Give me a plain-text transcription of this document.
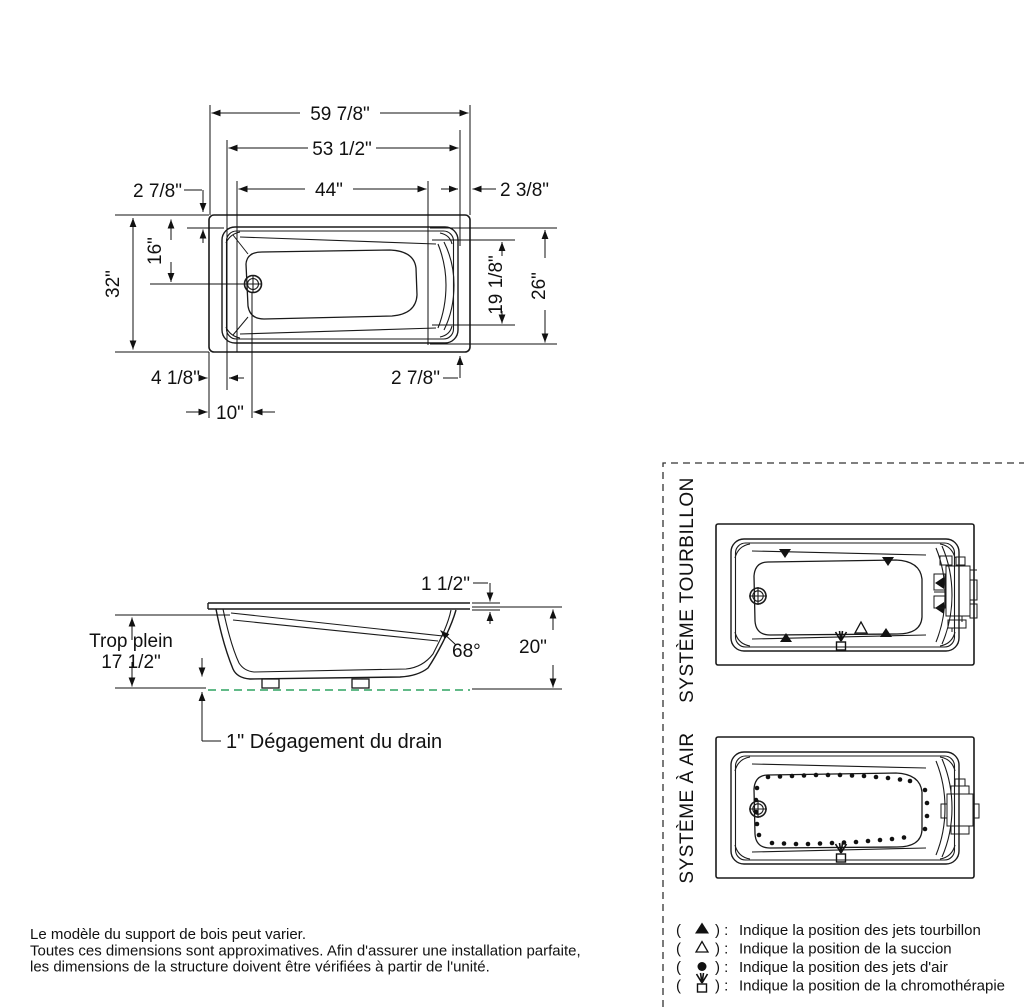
59 7/8"
53 1/2"
44"
2 7/8"	2 3/8"
16"
32"	19 1/8" 26"
4 1/8"
10"
2 7/8"
1 1/2"
Trop plein
17 1/2"
68° 20"
1" Dégagement du drain
SYSTÈME TOURBILLON
SYSTÈME À AIR
( ) : Indique la position des jets tourbillon
( ) : Indique la position de la succion
( ) : Indique la position des jets d'air
( ) : Indique la position de la chromothérapie
Le modèle du support de bois peut varier.
Toutes ces dimensions sont approximatives. Afin d'assurer une installation parfaite,
les dimensions de la structure doivent être vérifiées à partir de l'unité.
